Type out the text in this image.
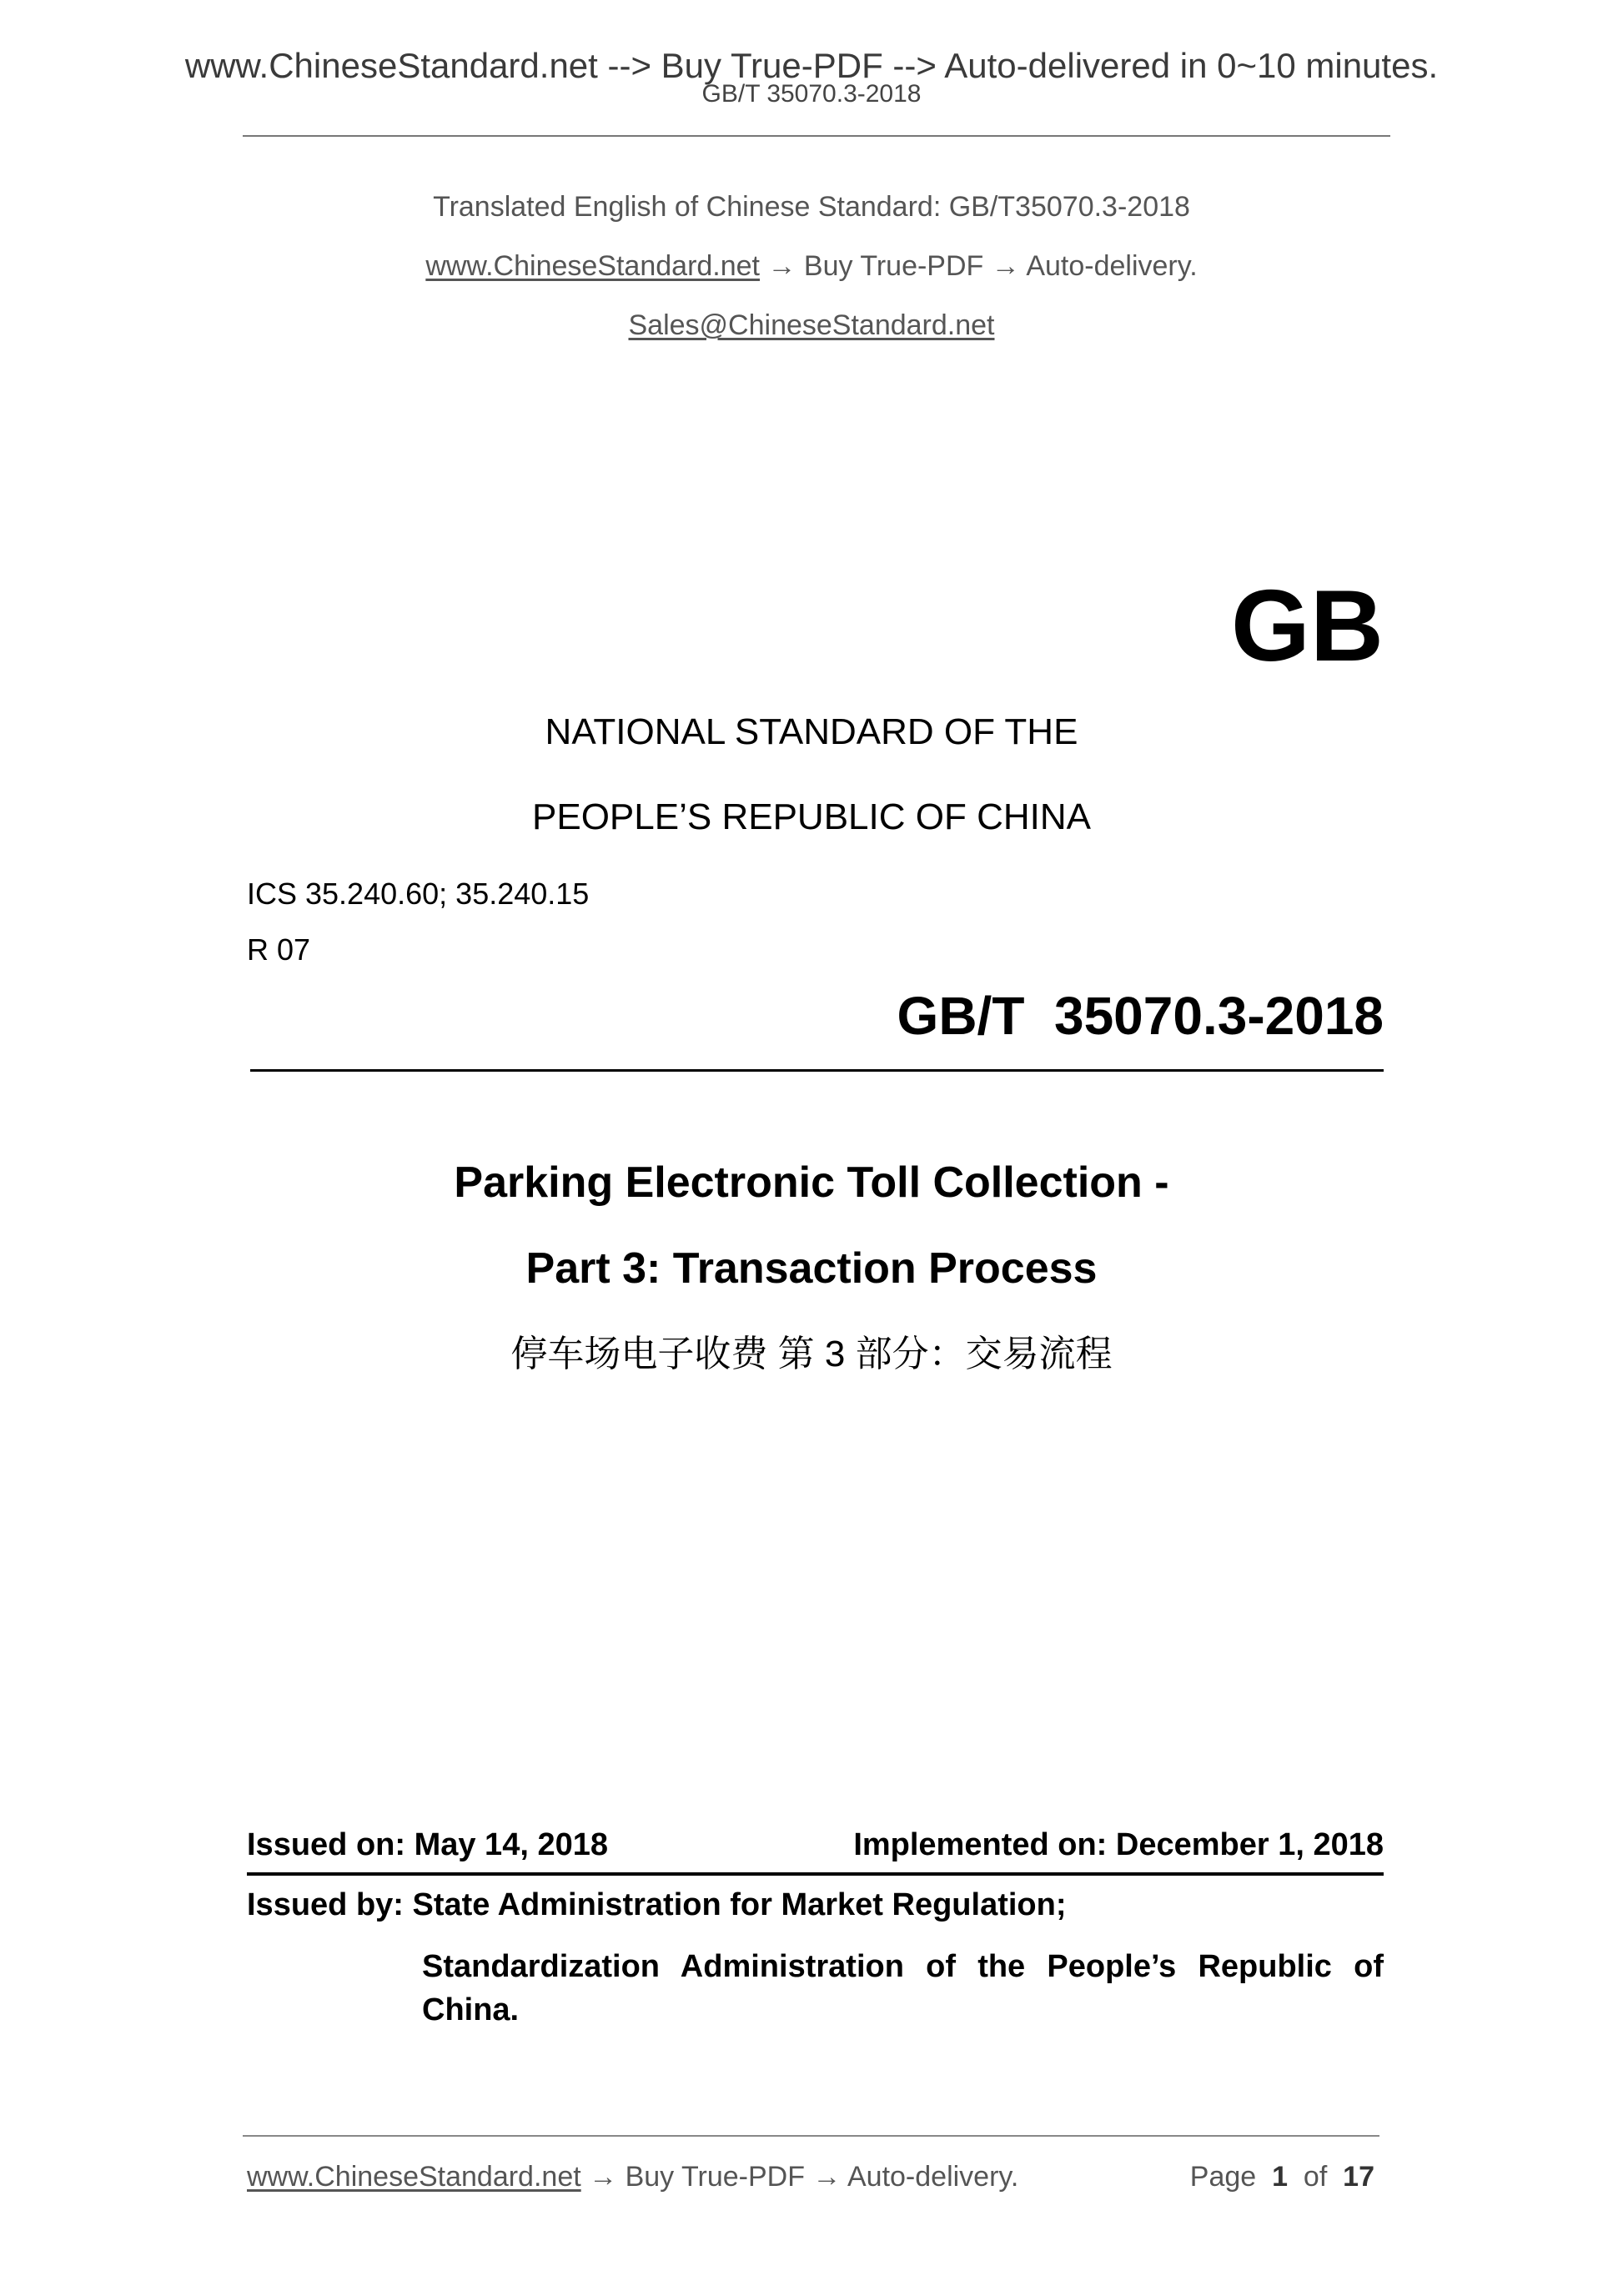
www.ChineseStandard.net --> Buy True-PDF --> Auto-delivered in 0~10 minutes.
GB/T 35070.3-2018
Translated English of Chinese Standard: GB/T35070.3-2018
www.ChineseStandard.net → Buy True-PDF → Auto-delivery.
Sales@ChineseStandard.net
GB
NATIONAL STANDARD OF THE
PEOPLE’S REPUBLIC OF CHINA
ICS 35.240.60; 35.240.15
R 07
GB/T  35070.3-2018
Parking Electronic Toll Collection -
Part 3: Transaction Process
停车场电子收费 第 3 部分：交易流程
Issued on: May 14, 2018	Implemented on: December 1, 2018
Issued by: State Administration for Market Regulation;
Standardization Administration of the People’s Republic of China.
www.ChineseStandard.net → Buy True-PDF → Auto-delivery.	Page 1 of 17
